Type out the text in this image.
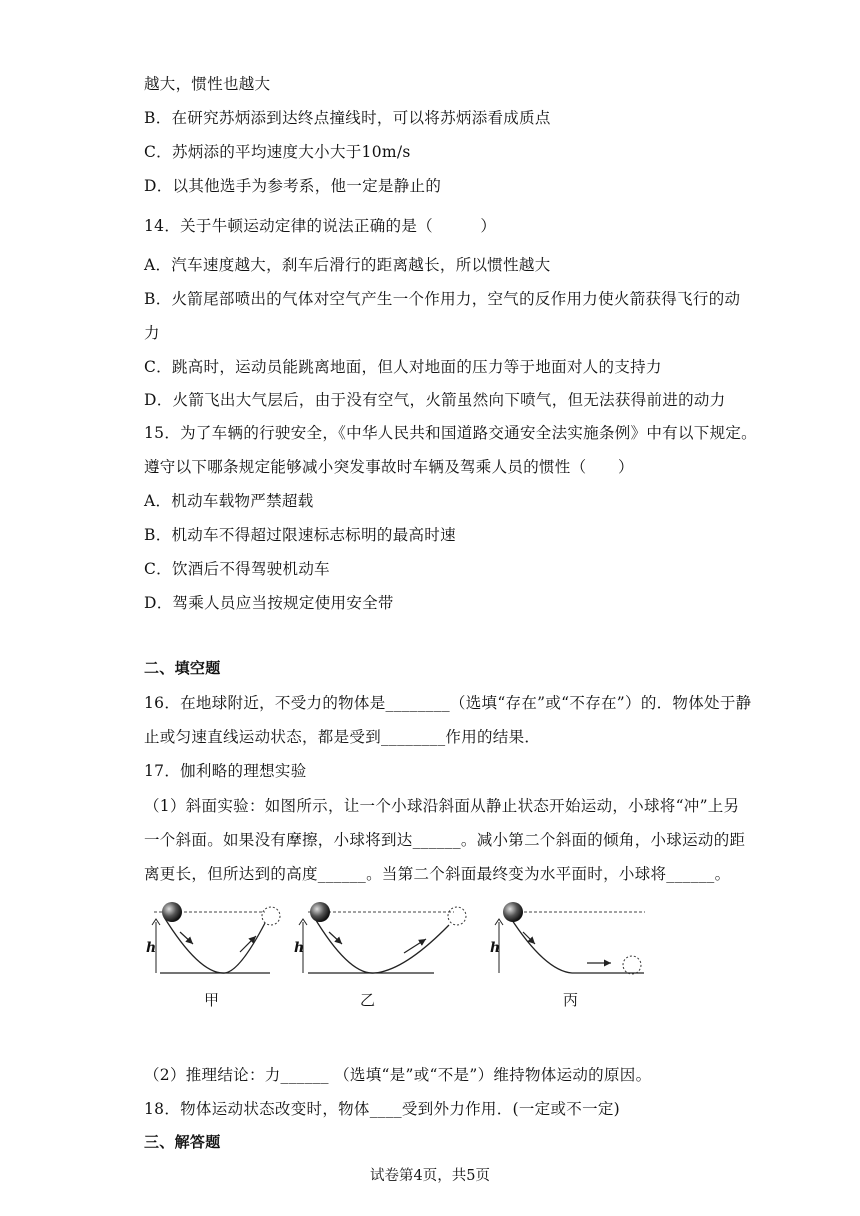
越大，惯性也越大
B．在研究苏炳添到达终点撞线时，可以将苏炳添看成质点
C．苏炳添的平均速度大小大于10m/s
D．以其他选手为参考系，他一定是静止的
14．关于牛顿运动定律的说法正确的是（　　　）
A．汽车速度越大，刹车后滑行的距离越长，所以惯性越大
B．火箭尾部喷出的气体对空气产生一个作用力，空气的反作用力使火箭获得飞行的动
力
C．跳高时，运动员能跳离地面，但人对地面的压力等于地面对人的支持力
D．火箭飞出大气层后，由于没有空气，火箭虽然向下喷气，但无法获得前进的动力
15．为了车辆的行驶安全，《中华人民共和国道路交通安全法实施条例》中有以下规定。
遵守以下哪条规定能够减小突发事故时车辆及驾乘人员的惯性（　　）
A．机动车载物严禁超载
B．机动车不得超过限速标志标明的最高时速
C．饮酒后不得驾驶机动车
D．驾乘人员应当按规定使用安全带
二、填空题
16．在地球附近，不受力的物体是________（选填“存在”或“不存在”）的．物体处于静
止或匀速直线运动状态，都是受到________作用的结果．
17．伽利略的理想实验
（1）斜面实验：如图所示，让一个小球沿斜面从静止状态开始运动，小球将“冲”上另
一个斜面。如果没有摩擦，小球将到达______。减小第二个斜面的倾角，小球运动的距
离更长，但所达到的高度______。当第二个斜面最终变为水平面时，小球将______。
h
甲
h
乙
h
丙
（2）推理结论：力______ （选填“是”或“不是”）维持物体运动的原因。
18．物体运动状态改变时，物体____受到外力作用．(一定或不一定)
三、解答题
试卷第4页，共5页
